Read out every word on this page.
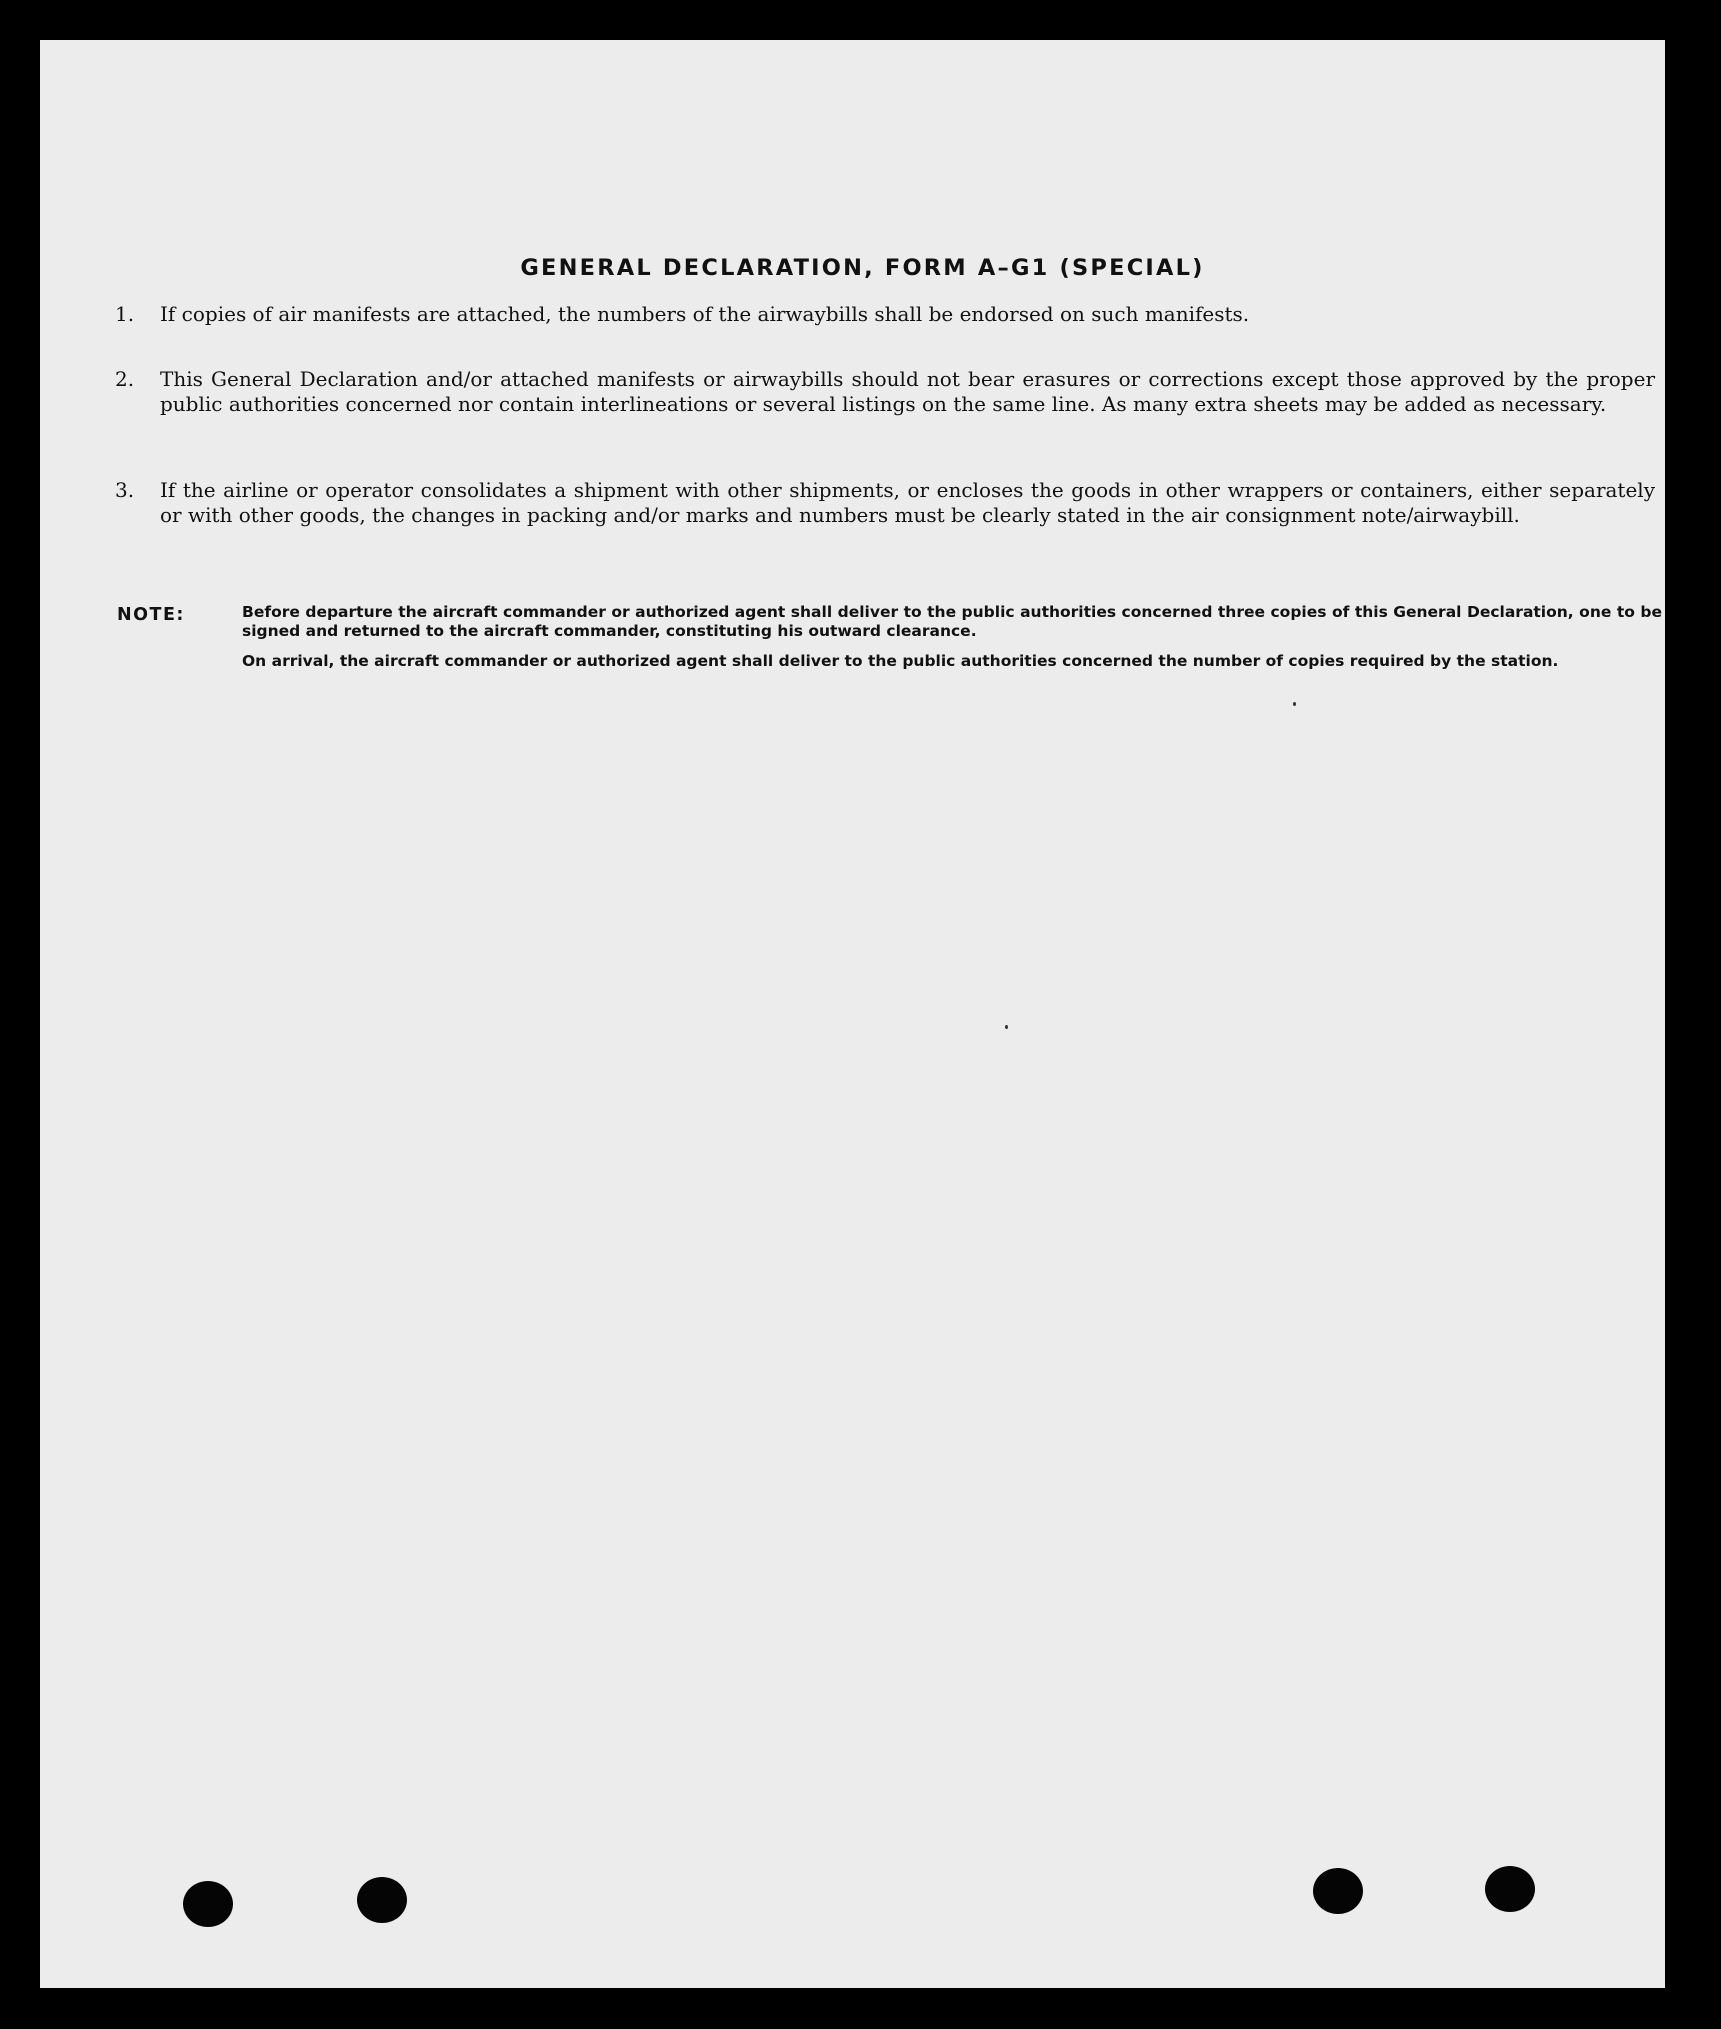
GENERAL DECLARATION, FORM A–G1 (SPECIAL)
1. If copies of air manifests are attached, the numbers of the airwaybills shall be endorsed on such manifests.
2. This General Declaration and/or attached manifests or airwaybills should not bear erasures or corrections except those approved by the proper public authorities concerned nor contain interlineations or several listings on the same line. As many extra sheets may be added as necessary.
3. If the airline or operator consolidates a shipment with other shipments, or encloses the goods in other wrappers or containers, either separately or with other goods, the changes in packing and/or marks and numbers must be clearly stated in the air consignment note/airwaybill.
NOTE:	Before departure the aircraft commander or authorized agent shall deliver to the public authorities concerned three copies of this General Declaration, one to be signed and returned to the aircraft commander, constituting his outward clearance.

On arrival, the aircraft commander or authorized agent shall deliver to the public authorities concerned the number of copies required by the station.
